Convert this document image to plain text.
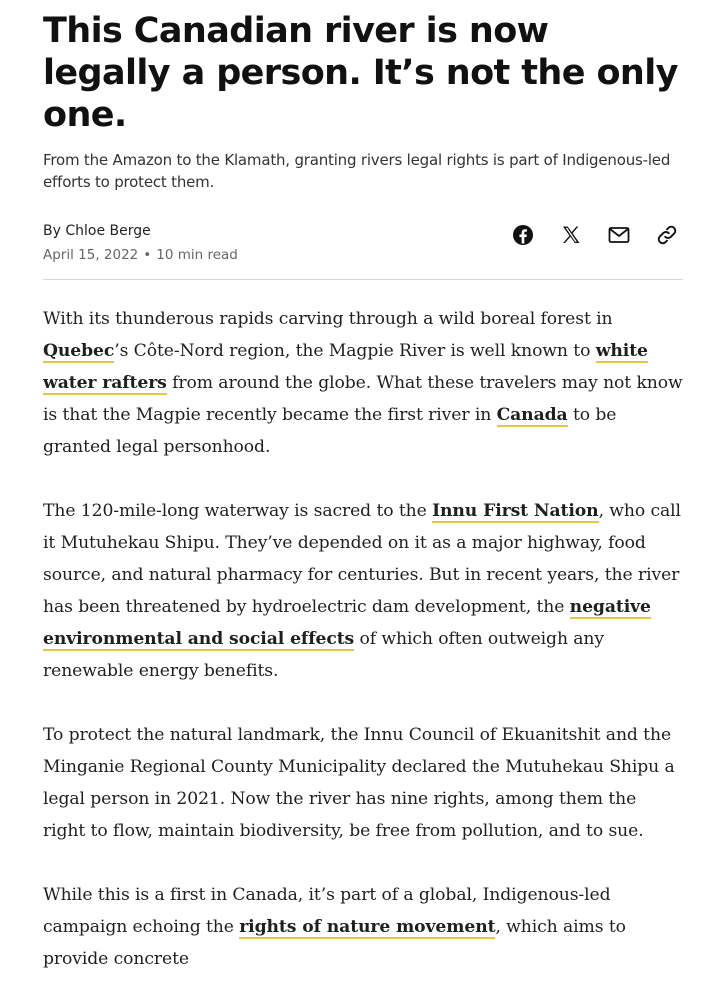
This Canadian river is now legally a person. It’s not the only one.

From the Amazon to the Klamath, granting rivers legal rights is part of Indigenous-led efforts to protect them.

By Chloe Berge
April 15, 2022 • 10 min read

With its thunderous rapids carving through a wild boreal forest in Quebec’s Côte-Nord region, the Magpie River is well known to white water rafters from around the globe. What these travelers may not know is that the Magpie recently became the first river in Canada to be granted legal personhood.

The 120-mile-long waterway is sacred to the Innu First Nation, who call it Mutuhekau Shipu. They’ve depended on it as a major highway, food source, and natural pharmacy for centuries. But in recent years, the river has been threatened by hydroelectric dam development, the negative environmental and social effects of which often outweigh any renewable energy benefits.

To protect the natural landmark, the Innu Council of Ekuanitshit and the Minganie Regional County Municipality declared the Mutuhekau Shipu a legal person in 2021. Now the river has nine rights, among them the right to flow, maintain biodiversity, be free from pollution, and to sue.

While this is a first in Canada, it’s part of a global, Indigenous-led campaign echoing the rights of nature movement, which aims to provide concrete
